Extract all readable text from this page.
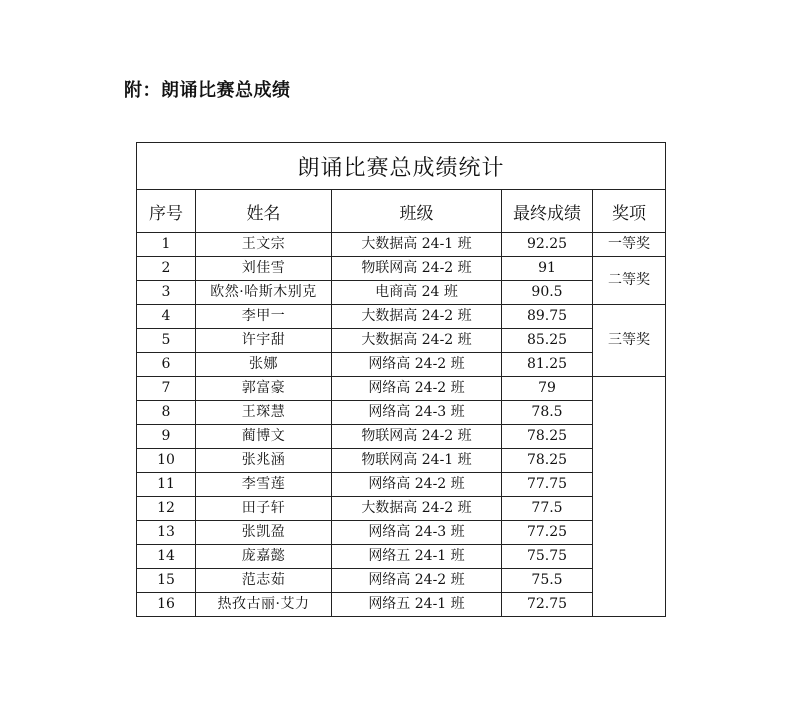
附：朗诵比赛总成绩
朗诵比赛总成绩统计				
序号	姓名	班级	最终成绩	奖项
1	王文宗	大数据高 24-1 班	92.25	一等奖
2	刘佳雪	物联网高 24-2 班	91	二等奖
3	欧然·哈斯木别克	电商高 24 班	90.5	
4	李甲一	大数据高 24-2 班	89.75	三等奖
5	许宇甜	大数据高 24-2 班	85.25	
6	张娜	网络高 24-2 班	81.25	
7	郭富豪	网络高 24-2 班	79	
8	王琛慧	网络高 24-3 班	78.5	
9	蔺博文	物联网高 24-2 班	78.25	
10	张兆涵	物联网高 24-1 班	78.25	
11	李雪莲	网络高 24-2 班	77.75	
12	田子轩	大数据高 24-2 班	77.5	
13	张凯盈	网络高 24-3 班	77.25	
14	庞嘉懿	网络五 24-1 班	75.75	
15	范志茹	网络高 24-2 班	75.5	
16	热孜古丽·艾力	网络五 24-1 班	72.75	
